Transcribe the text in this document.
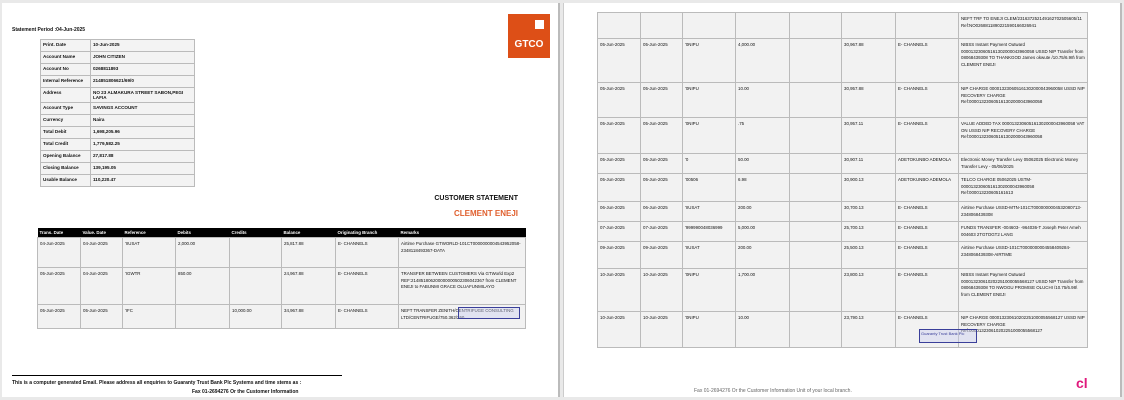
Statement Period :04-Jun-2025
Print. Date	10-Jun-2025
Account Name	JOHN CITIZEN
Account No	0268811893
Internal Reference	214851806621/69/0
Address	NO 23 ALMAKURA STREET SABON,PEGI LAFIA
Account Type	SAVINGS ACCOUNT
Currency	Naira
Total Debit	1,698,205.96
Total Credit	1,779,582.25
Opening Balance	27,817.88
Closing Balance	139,195.05
Usable Balance	110,220.47
GTCO
CUSTOMER STATEMENT
CLEMENT ENEJI
Trans. Date	Value. Date	Reference	Debits	Credits	Balance	Originating Branch	Remarks
04-Jun-2025	04-Jun-2025	'IIUSAT	2,000.00		25,817.88	E- CHANNELS	Airtime Purchase GTWORLD-101CT0000000004543952058-2348118493367-DATA
05-Jun-2025	04-Jun-2025	'IGWTR	850.00		24,967.88	E- CHANNELS	TRANSFER BETWEEN CUSTOMERS Via GTWorld Exp2 REF:214851806200000000502306042367 from CLEMENT ENEJI to FABUNMI GRACE OLUAFUNMILAYO
05-Jun-2025	05-Jun-2025	'IFC		10,000.00	34,967.88	E- CHANNELS	NEFT TRANSFER ZENITH/CENTRIFUGE CONSULTING LTD/CENTRIFUGE/750.362/260
This is a computer generated Email. Please address all enquiries to Guaranty Trust Bank Plc Systems and time stems as :
Fax 01-2694276 Or the Customer Information
							NEFT TRF TO ENEJI CLEM/231637252149162702505605/11 Ref:NO0268811890221590166026941
05-Jun-2025	05-Jun-2025	'0NIPU	4,000.00		30,967.88	E- CHANNELS	NIBSS Instant Payment Outward 000013230605161302000043960058 USSD NIP Transfer from 08068439308 TO THANKGOD James okwute /10.75/6.98\ from CLEMENT ENEJI
05-Jun-2025	05-Jun-2025	'0NIPU	10.00		30,957.88	E- CHANNELS	NIP CHARGE 000013230605161302000043960058 USSD NIP RECOVERY CHARGE Ref:000013230605161302000043960058
05-Jun-2025	05-Jun-2025	'0NIPU	.75		30,957.11	E- CHANNELS	VALUE ADDED TAX 000013230605161302000043960058 VAT ON USSD NIP RECOVERY CHARGE Ref:000013230605161302000043960058
05-Jun-2025	05-Jun-2025	'0	50.00		30,907.11	ADETOKUNBO ADEMOLA	Electronic Money Transfer Levy 05062025 Electronic Money Transfer Levy - 05/06/2025
05-Jun-2025	05-Jun-2025	'00506	6.98		30,900.13	ADETOKUNBO ADEMOLA	TELCO CHARGE 05062025 USTM-000013230605161302000043960058 Ref:000013230605161613
06-Jun-2025	06-Jun-2025	'IIUSAT	200.00		30,700.13	E- CHANNELS	Airtime Purchase USSD-MTN-101CT0000000004532080713-2348068439308
07-Jun-2025	07-Jun-2025	'999990048036999	5,000.00		25,700.13	E- CHANNELS	FUNDS TRANSFER -004603- -964036-T Joseph Peter Ameh 004603 2TGTDGT2 LANG
09-Jun-2025	09-Jun-2025	'IIUSAT	200.00		25,500.13	E- CHANNELS	Airtime Purchase USSD-101CT0000000004558409284-2348068439308-AIRTIME
10-Jun-2025	10-Jun-2025	'0NIPU	1,700.00		23,800.13	E- CHANNELS	NIBSS Instant Payment Outward 000013230610202251000055568127 USSD NIP Transfer from 08068439308 TO NWOGU PROMISE OLUCHI /10.75/6.98\ from CLEMENT ENEJI
10-Jun-2025	10-Jun-2025	'0NIPU	10.00		23,790.13	E- CHANNELS	NIP CHARGE 000013230610202251000055568127 USSD NIP RECOVERY CHARGE Ref:000013230610202251000055568127
Guaranty Trust Bank Plc
Fax 01-2694276 Or the Customer Information Unit of your local branch.	cl
